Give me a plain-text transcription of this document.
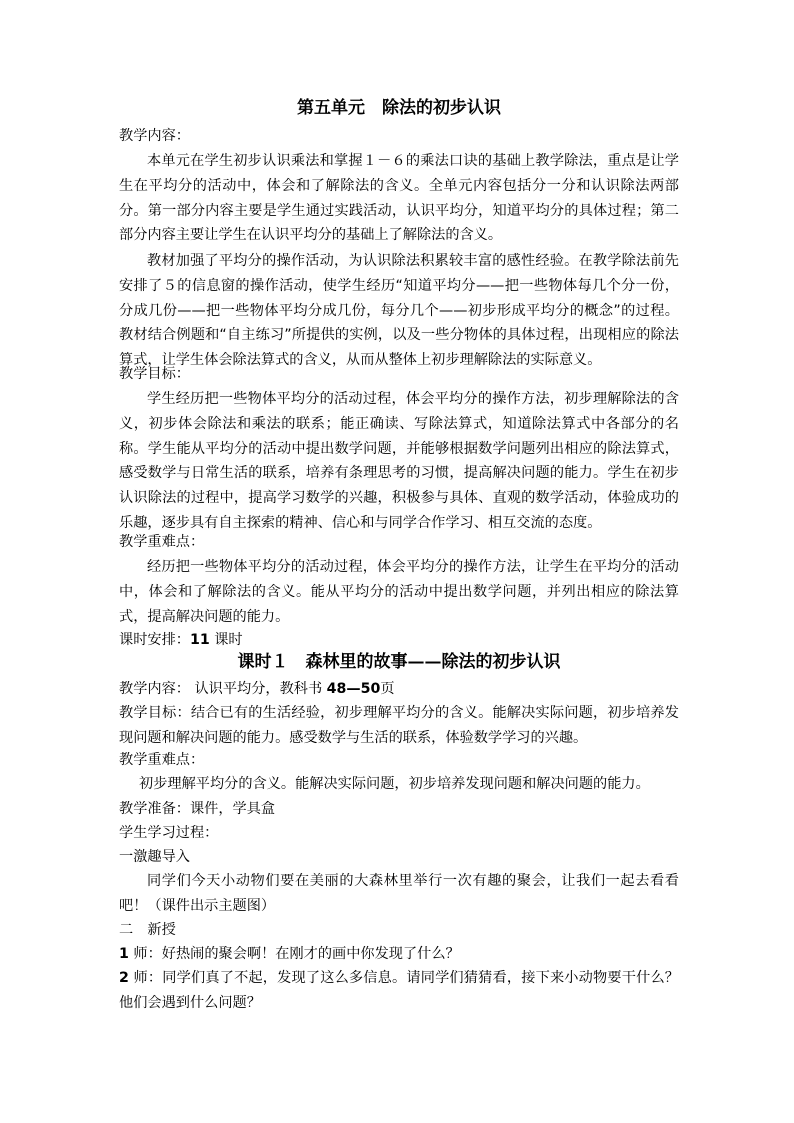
第五单元　除法的初步认识
教学内容：

本单元在学生初步认识乘法和掌握１－６的乘法口诀的基础上教学除法，重点是让学生在平均分的活动中，体会和了解除法的含义。全单元内容包括分一分和认识除法两部分。第一部分内容主要是学生通过实践活动，认识平均分，知道平均分的具体过程；第二部分内容主要让学生在认识平均分的基础上了解除法的含义。

教材加强了平均分的操作活动，为认识除法积累较丰富的感性经验。在教学除法前先安排了５的信息窗的操作活动，使学生经历“知道平均分——把一些物体每几个分一份，分成几份——把一些物体平均分成几份，每分几个——初步形成平均分的概念”的过程。教材结合例题和“自主练习”所提供的实例，以及一些分物体的具体过程，出现相应的除法算式，让学生体会除法算式的含义，从而从整体上初步理解除法的实际意义。

教学目标：

学生经历把一些物体平均分的活动过程，体会平均分的操作方法，初步理解除法的含义，初步体会除法和乘法的联系；能正确读、写除法算式，知道除法算式中各部分的名称。学生能从平均分的活动中提出数学问题，并能够根据数学问题列出相应的除法算式，感受数学与日常生活的联系，培养有条理思考的习惯，提高解决问题的能力。学生在初步认识除法的过程中，提高学习数学的兴趣，积极参与具体、直观的数学活动，体验成功的乐趣，逐步具有自主探索的精神、信心和与同学合作学习、相互交流的态度。

教学重难点：

经历把一些物体平均分的活动过程，体会平均分的操作方法，让学生在平均分的活动中，体会和了解除法的含义。能从平均分的活动中提出数学问题，并列出相应的除法算式，提高解决问题的能力。

课时安排：11 课时
课时１　森林里的故事——除法的初步认识
教学内容： 认识平均分，教科书 48—50页

教学目标：结合已有的生活经验，初步理解平均分的含义。能解决实际问题，初步培养发现问题和解决问题的能力。感受数学与生活的联系，体验数学学习的兴趣。

教学重难点：

初步理解平均分的含义。能解决实际问题，初步培养发现问题和解决问题的能力。

教学准备：课件，学具盒
学生学习过程：
一激趣导入

同学们今天小动物们要在美丽的大森林里举行一次有趣的聚会，让我们一起去看看吧！（课件出示主题图）

二　新授
1 师：好热闹的聚会啊！在刚才的画中你发现了什么？

2 师：同学们真了不起，发现了这么多信息。请同学们猜猜看，接下来小动物要干什么？他们会遇到什么问题？
